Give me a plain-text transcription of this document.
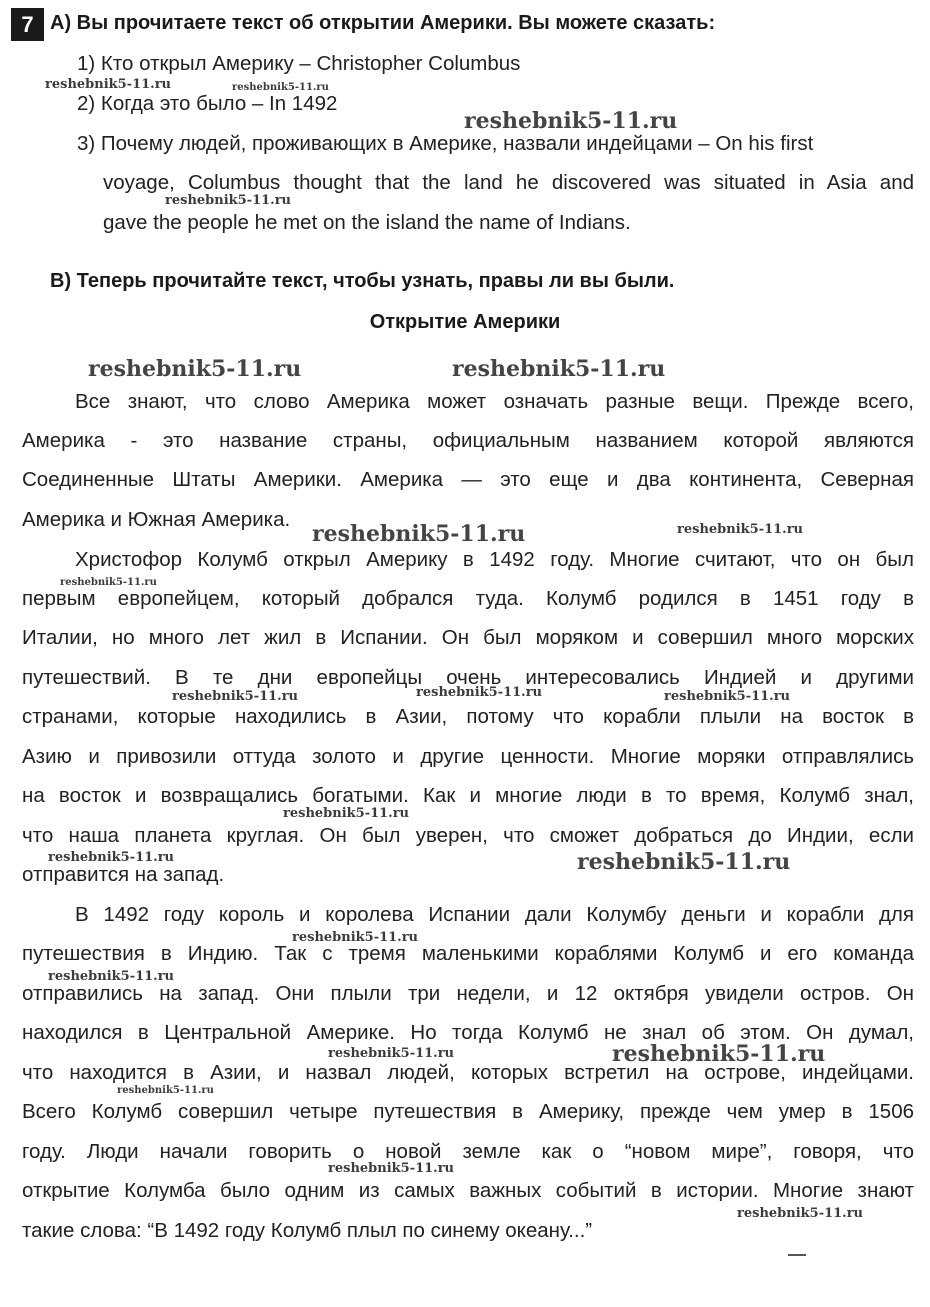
7 A) Вы прочитаете текст об открытии Америки. Вы можете сказать:
1) Кто открыл Америку – Christopher Columbus
2) Когда это было – In 1492
3) Почему людей, проживающих в Америке, назвали индейцами – On his first
voyage, Columbus thought that the land he discovered was situated in Asia and
gave the people he met on the island the name of Indians.
B) Теперь прочитайте текст, чтобы узнать, правы ли вы были.
Открытие Америки
Все знают, что слово Америка может означать разные вещи. Прежде всего,
Америка - это название страны, официальным названием которой являются
Соединенные Штаты Америки. Америка — это еще и два континента, Северная
Америка и Южная Америка.
Христофор Колумб открыл Америку в 1492 году. Многие считают, что он был
первым европейцем, который добрался туда. Колумб родился в 1451 году в
Италии, но много лет жил в Испании. Он был моряком и совершил много морских
путешествий. В те дни европейцы очень интересовались Индией и другими
странами, которые находились в Азии, потому что корабли плыли на восток в
Азию и привозили оттуда золото и другие ценности. Многие моряки отправлялись
на восток и возвращались богатыми. Как и многие люди в то время, Колумб знал,
что наша планета круглая. Он был уверен, что сможет добраться до Индии, если
отправится на запад.
В 1492 году король и королева Испании дали Колумбу деньги и корабли для
путешествия в Индию. Так с тремя маленькими кораблями Колумб и его команда
отправились на запад. Они плыли три недели, и 12 октября увидели остров. Он
находился в Центральной Америке. Но тогда Колумб не знал об этом. Он думал,
что находится в Азии, и назвал людей, которых встретил на острове, индейцами.
Всего Колумб совершил четыре путешествия в Америку, прежде чем умер в 1506
году. Люди начали говорить о новой земле как о “новом мире”, говоря, что
открытие Колумба было одним из самых важных событий в истории. Многие знают
такие слова: “В 1492 году Колумб плыл по синему океану...”
reshebnik5-11.ru	reshebnik5-11.ru
reshebnik5-11.ru
reshebnik5-11.ru
reshebnik5-11.ru	reshebnik5-11.ru
reshebnik5-11.ru	reshebnik5-11.ru
reshebnik5-11.ru
reshebnik5-11.ru	reshebnik5-11.ru	reshebnik5-11.ru
reshebnik5-11.ru
reshebnik5-11.ru	reshebnik5-11.ru
reshebnik5-11.ru
reshebnik5-11.ru
reshebnik5-11.ru	reshebnik5-11.ru
reshebnik5-11.ru
reshebnik5-11.ru
reshebnik5-11.ru
